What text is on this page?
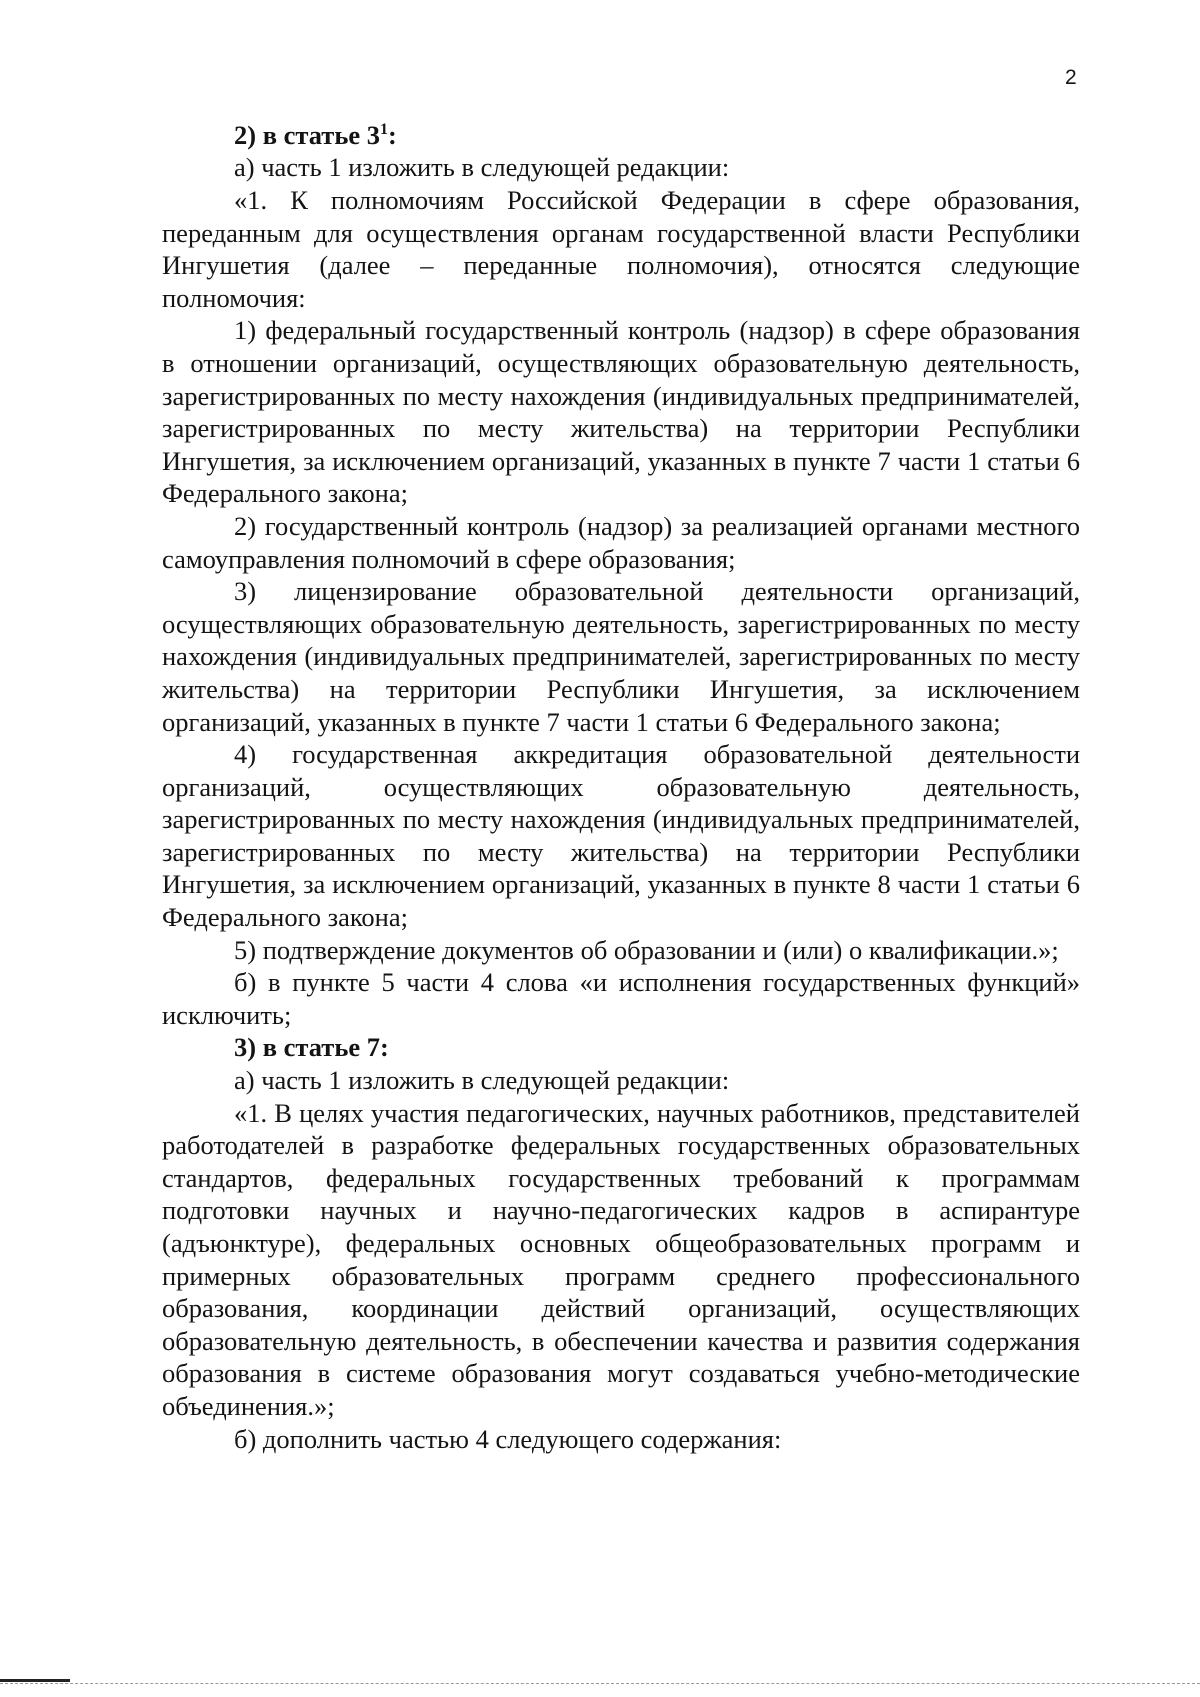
2

2) в статье $3^1$:

а) часть 1 изложить в следующей редакции:

«1. К полномочиям Российской Федерации в сфере образования, переданным для осуществления органам государственной власти Республики Ингушетия (далее – переданные полномочия), относятся следующие полномочия:

1) федеральный государственный контроль (надзор) в сфере образования в отношении организаций, осуществляющих образовательную деятельность, зарегистрированных по месту нахождения (индивидуальных предпринимателей, зарегистрированных по месту жительства) на территории Республики Ингушетия, за исключением организаций, указанных в пункте 7 части 1 статьи 6 Федерального закона;

2) государственный контроль (надзор) за реализацией органами местного самоуправления полномочий в сфере образования;

3) лицензирование образовательной деятельности организаций, осуществляющих образовательную деятельность, зарегистрированных по месту нахождения (индивидуальных предпринимателей, зарегистрированных по месту жительства) на территории Республики Ингушетия, за исключением организаций, указанных в пункте 7 части 1 статьи 6 Федерального закона;

4) государственная аккредитация образовательной деятельности организаций, осуществляющих образовательную деятельность, зарегистрированных по месту нахождения (индивидуальных предпринимателей, зарегистрированных по месту жительства) на территории Республики Ингушетия, за исключением организаций, указанных в пункте 8 части 1 статьи 6 Федерального закона;

5) подтверждение документов об образовании и (или) о квалификации.»;

б) в пункте 5 части 4 слова «и исполнения государственных функций» исключить;

3) в статье 7:

а) часть 1 изложить в следующей редакции:

«1. В целях участия педагогических, научных работников, представителей работодателей в разработке федеральных государственных образовательных стандартов, федеральных государственных требований к программам подготовки научных и научно-педагогических кадров в аспирантуре (адъюнктуре), федеральных основных общеобразовательных программ и примерных образовательных программ среднего профессионального образования, координации действий организаций, осуществляющих образовательную деятельность, в обеспечении качества и развития содержания образования в системе образования могут создаваться учебно-методические объединения.»;

б) дополнить частью 4 следующего содержания:
